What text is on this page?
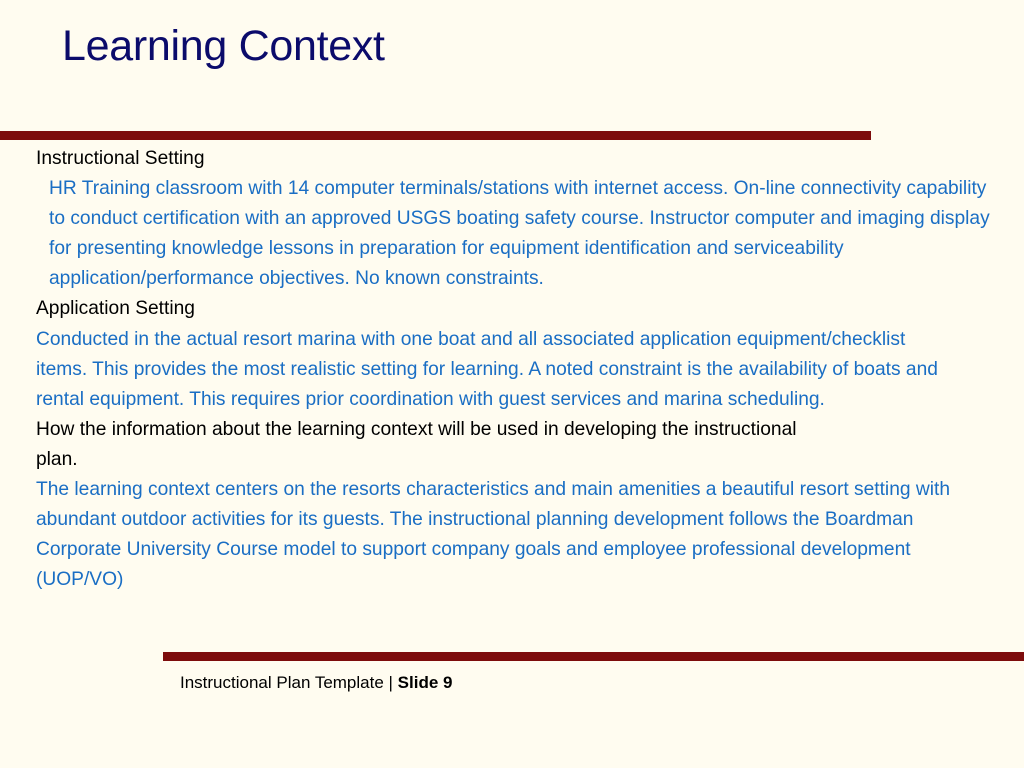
Learning Context

Instructional Setting

HR Training classroom with 14 computer terminals/stations with internet access. On-line connectivity capability to conduct certification with an approved USGS boating safety course. Instructor computer and imaging display for presenting knowledge lessons in preparation for equipment identification and serviceability application/performance objectives. No known constraints.

Application Setting

Conducted in the actual resort marina with one boat and all associated application equipment/checklist items. This provides the most realistic setting for learning. A noted constraint is the availability of boats and rental equipment. This requires prior coordination with guest services and marina scheduling.

How the information about the learning context will be used in developing the instructional plan.

The learning context centers on the resorts characteristics and main amenities a beautiful resort setting with abundant outdoor activities for its guests. The instructional planning development follows the Boardman Corporate University Course model to support company goals and employee professional development (UOP/VO)

Instructional Plan Template | Slide 9
